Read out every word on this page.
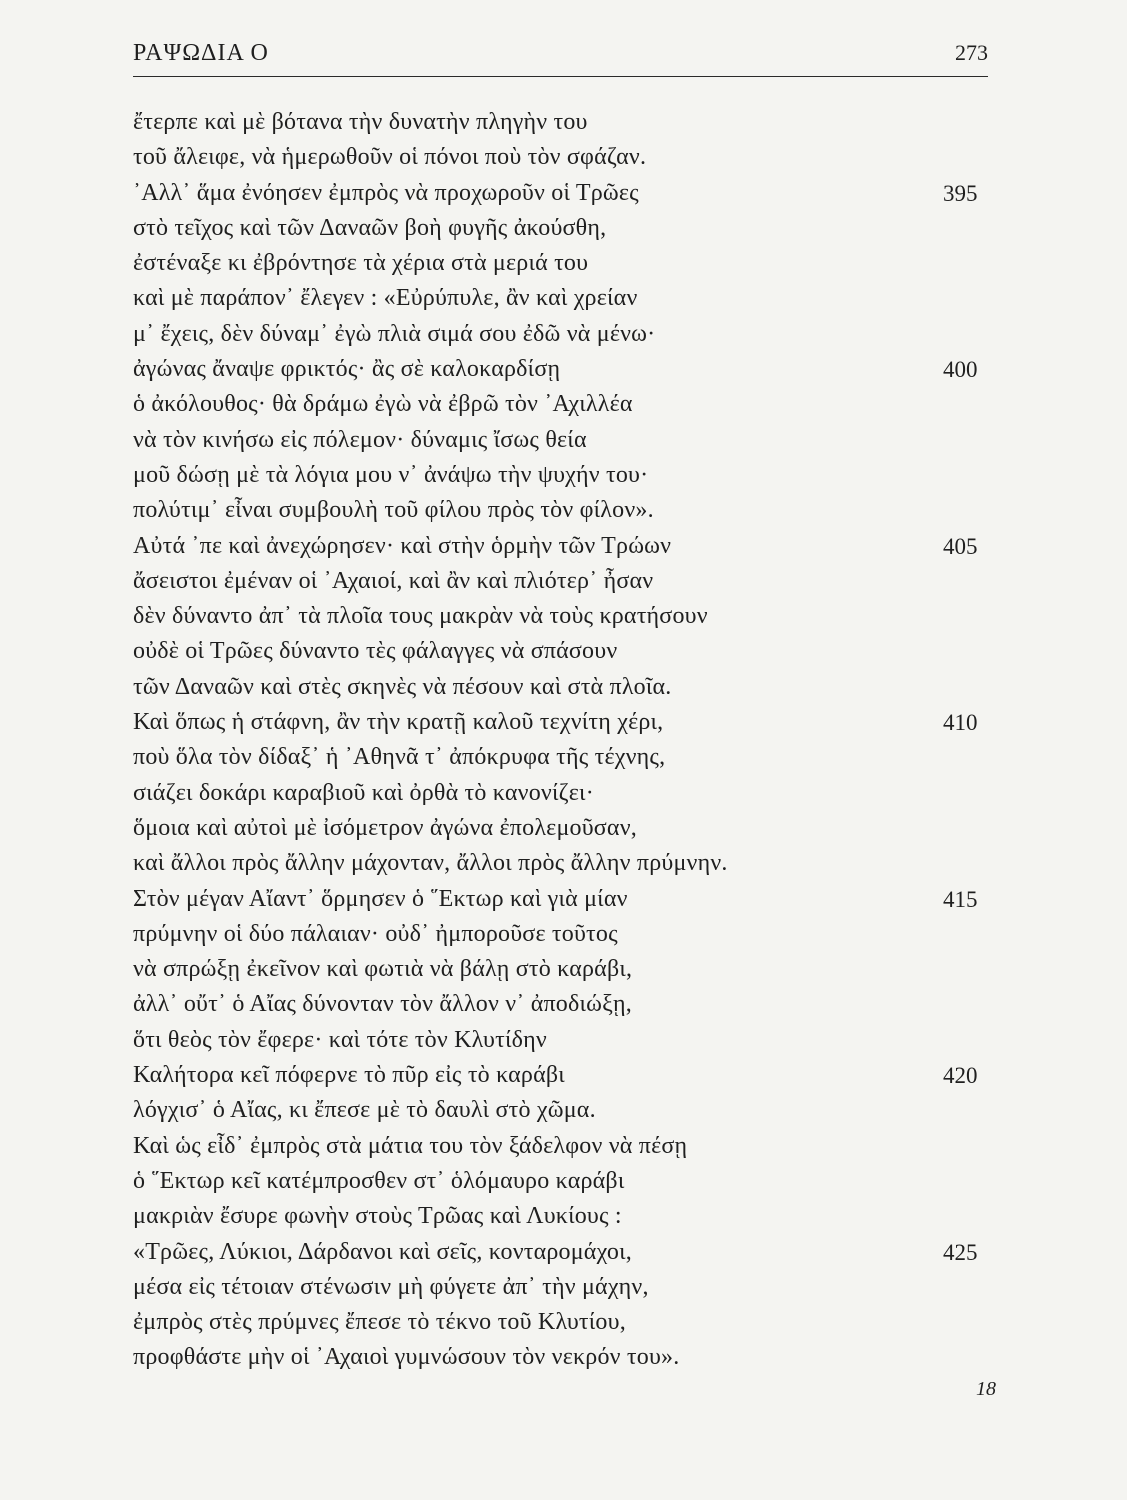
ΡΑΨΩΔΙΑ Ο	273
ἔτερπε καὶ μὲ βότανα τὴν δυνατὴν πληγὴν του
τοῦ ἄλειφε, νὰ ἡμερωθοῦν οἱ πόνοι ποὺ τὸν σφάζαν.
᾿Αλλ᾿ ἅμα ἐνόησεν ἐμπρὸς νὰ προχωροῦν οἱ Τρῶες	395
στὸ τεῖχος καὶ τῶν Δαναῶν βοὴ φυγῆς ἀκούσθη,
ἐστέναξε κι ἐβρόντησε τὰ χέρια στὰ μεριά του
καὶ μὲ παράπον᾿ ἔλεγεν : «Εὐρύπυλε, ἂν καὶ χρείαν
μ᾿ ἔχεις, δὲν δύναμ᾿ ἐγὼ πλιὰ σιμά σου ἐδῶ νὰ μένω·
ἀγώνας ἄναψε φρικτός· ἂς σὲ καλοκαρδίσῃ	400
ὁ ἀκόλουθος· θὰ δράμω ἐγὼ νὰ ἐβρῶ τὸν ᾿Αχιλλέα
νὰ τὸν κινήσω εἰς πόλεμον· δύναμις ἴσως θεία
μοῦ δώσῃ μὲ τὰ λόγια μου ν᾿ ἀνάψω τὴν ψυχήν του·
πολύτιμ᾿ εἶναι συμβουλὴ τοῦ φίλου πρὸς τὸν φίλον».
Αὐτά ᾿πε καὶ ἀνεχώρησεν· καὶ στὴν ὁρμὴν τῶν Τρώων	405
ἄσειστοι ἐμέναν οἱ ᾿Αχαιοί, καὶ ἂν καὶ πλιότερ᾿ ἦσαν
δὲν δύναντο ἀπ᾿ τὰ πλοῖα τους μακρὰν νὰ τοὺς κρατήσουν
οὐδὲ οἱ Τρῶες δύναντο τὲς φάλαγγες νὰ σπάσουν
τῶν Δαναῶν καὶ στὲς σκηνὲς νὰ πέσουν καὶ στὰ πλοῖα.
Καὶ ὅπως ἡ στάφνη, ἂν τὴν κρατῇ καλοῦ τεχνίτη χέρι,	410
ποὺ ὅλα τὸν δίδαξ᾿ ἡ ᾿Αθηνᾶ τ᾿ ἀπόκρυφα τῆς τέχνης,
σιάζει δοκάρι καραβιοῦ καὶ ὀρθὰ τὸ κανονίζει·
ὅμοια καὶ αὐτοὶ μὲ ἰσόμετρον ἀγώνα ἐπολεμοῦσαν,
καὶ ἄλλοι πρὸς ἄλλην μάχονταν, ἄλλοι πρὸς ἄλλην πρύμνην.
Στὸν μέγαν Αἴαντ᾿ ὅρμησεν ὁ ῞Εκτωρ καὶ γιὰ μίαν	415
πρύμνην οἱ δύο πάλαιαν· οὐδ᾿ ἠμποροῦσε τοῦτος
νὰ σπρώξῃ ἐκεῖνον καὶ φωτιὰ νὰ βάλῃ στὸ καράβι,
ἀλλ᾿ οὔτ᾿ ὁ Αἴας δύνονταν τὸν ἄλλον ν᾿ ἀποδιώξῃ,
ὅτι θεὸς τὸν ἔφερε· καὶ τότε τὸν Κλυτίδην
Καλήτορα κεῖ πόφερνε τὸ πῦρ εἰς τὸ καράβι	420
λόγχισ᾿ ὁ Αἴας, κι ἔπεσε μὲ τὸ δαυλὶ στὸ χῶμα.
Καὶ ὡς εἶδ᾿ ἐμπρὸς στὰ μάτια του τὸν ξάδελφον νὰ πέσῃ
ὁ ῞Εκτωρ κεῖ κατέμπροσθεν στ᾿ ὁλόμαυρο καράβι
μακριὰν ἔσυρε φωνὴν στοὺς Τρῶας καὶ Λυκίους :
«Τρῶες, Λύκιοι, Δάρδανοι καὶ σεῖς, κονταρομάχοι,	425
μέσα εἰς τέτοιαν στένωσιν μὴ φύγετε ἀπ᾿ τὴν μάχην,
ἐμπρὸς στὲς πρύμνες ἔπεσε τὸ τέκνο τοῦ Κλυτίου,
προφθάστε μὴν οἱ ᾿Αχαιοὶ γυμνώσουν τὸν νεκρόν του».
18
